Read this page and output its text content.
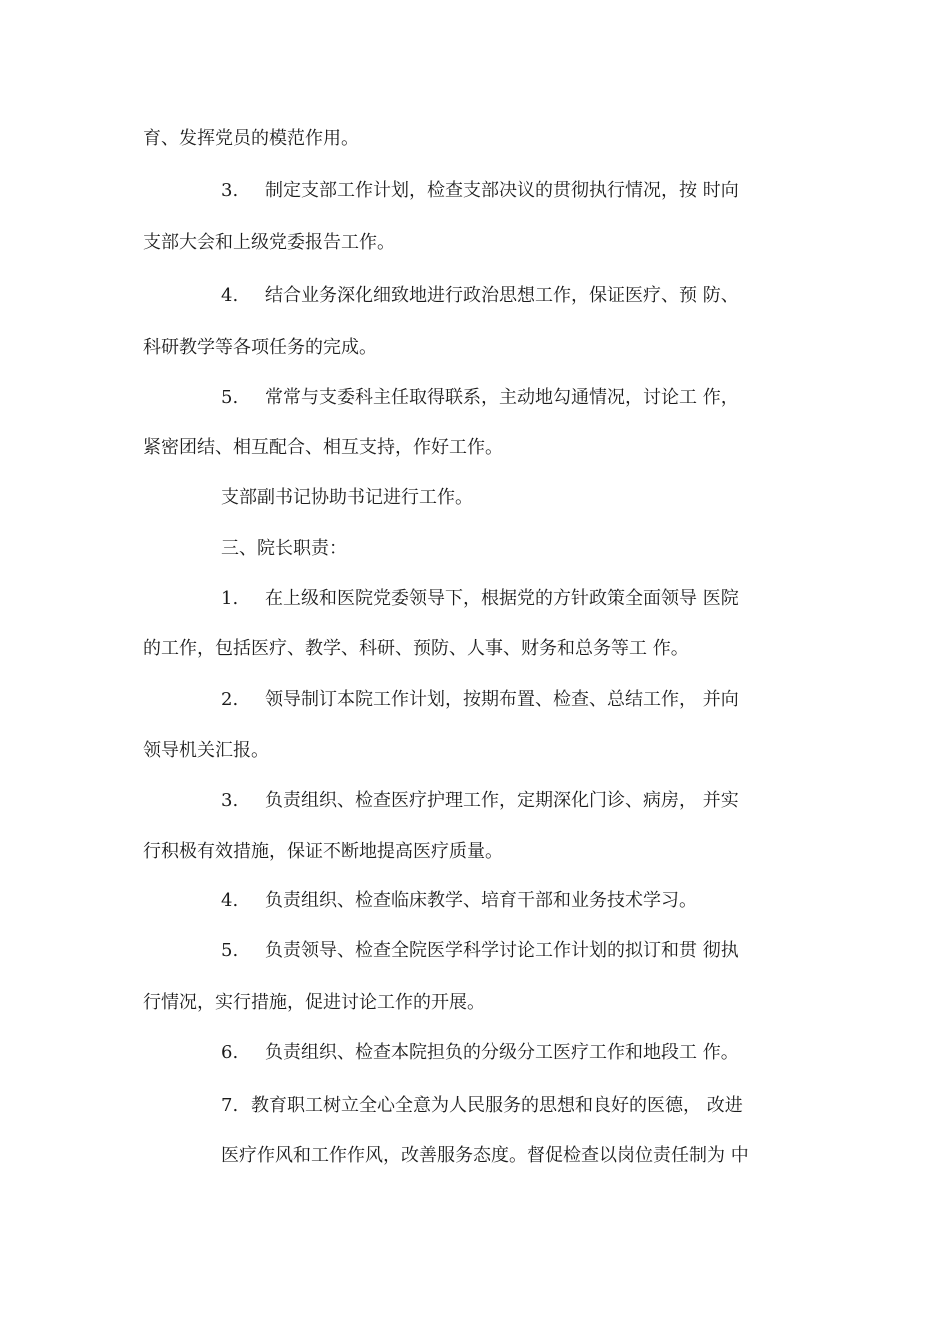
育、发挥党员的模范作用。
3. 制定支部工作计划，检查支部决议的贯彻执行情况，按 时向
支部大会和上级党委报告工作。
4. 结合业务深化细致地进行政治思想工作，保证医疗、预 防、
科研教学等各项任务的完成。
5. 常常与支委科主任取得联系，主动地勾通情况，讨论工 作，
紧密团结、相互配合、相互支持，作好工作。
支部副书记协助书记进行工作。
三、院长职责：
1. 在上级和医院党委领导下，根据党的方针政策全面领导 医院
的工作，包括医疗、教学、科研、预防、人事、财务和总务等工 作。
2. 领导制订本院工作计划，按期布置、检查、总结工作， 并向
领导机关汇报。
3. 负责组织、检查医疗护理工作，定期深化门诊、病房， 并实
行积极有效措施，保证不断地提高医疗质量。
4. 负责组织、检查临床教学、培育干部和业务技术学习。
5. 负责领导、检查全院医学科学讨论工作计划的拟订和贯 彻执
行情况，实行措施，促进讨论工作的开展。
6. 负责组织、检查本院担负的分级分工医疗工作和地段工 作。
7. 教育职工树立全心全意为人民服务的思想和良好的医德， 改进
医疗作风和工作作风，改善服务态度。督促检查以岗位责任制为 中
